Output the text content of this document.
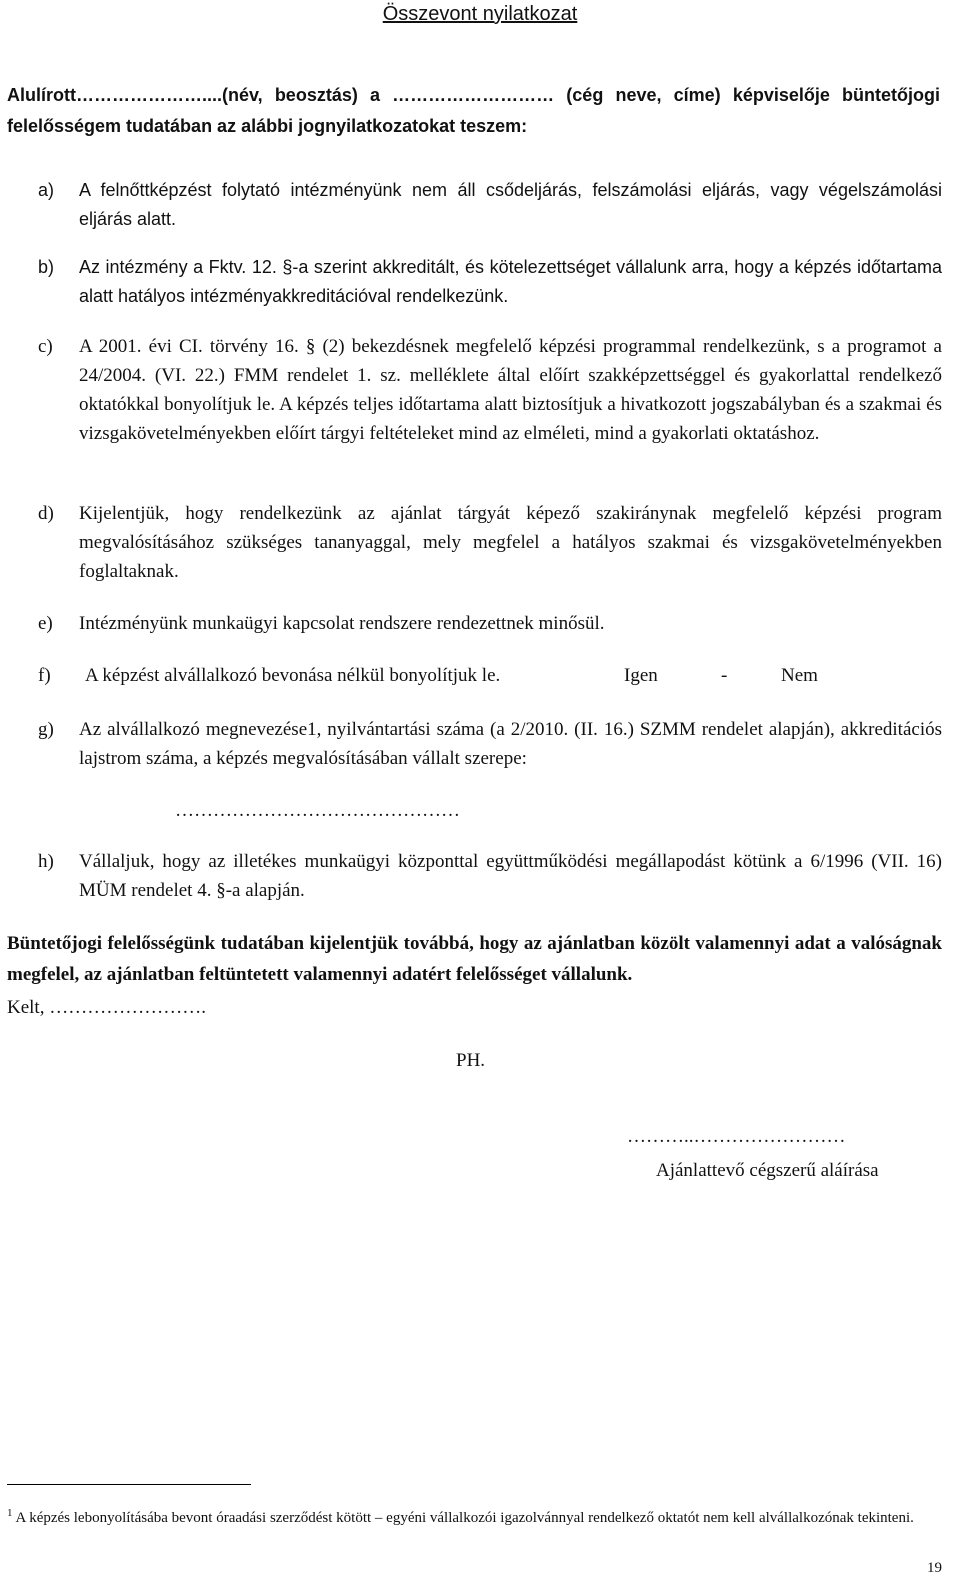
Összevont nyilatkozat

Alulírott…………………....(név, beosztás) a ……………………… (cég neve, címe) képviselője büntetőjogi felelősségem tudatában az alábbi jognyilatkozatokat teszem:

a)	A felnőttképzést folytató intézményünk nem áll csődeljárás, felszámolási eljárás, vagy végelszámolási eljárás alatt.
b)	Az intézmény a Fktv. 12. §-a szerint akkreditált, és kötelezettséget vállalunk arra, hogy a képzés időtartama alatt hatályos intézményakkreditációval rendelkezünk.
c)	A 2001. évi CI. törvény 16. § (2) bekezdésnek megfelelő képzési programmal rendelkezünk, s a programot a 24/2004. (VI. 22.) FMM rendelet 1. sz. melléklete által előírt szakképzettséggel és gyakorlattal rendelkező oktatókkal bonyolítjuk le. A képzés teljes időtartama alatt biztosítjuk a hivatkozott jogszabályban és a szakmai és vizsgakövetelményekben előírt tárgyi feltételeket mind az elméleti, mind a gyakorlati oktatáshoz.
d)	Kijelentjük, hogy rendelkezünk az ajánlat tárgyát képező szakiránynak megfelelő képzési program megvalósításához szükséges tananyaggal, mely megfelel a hatályos szakmai és vizsgakövetelményekben foglaltaknak.
e)	Intézményünk munkaügyi kapcsolat rendszere rendezettnek minősül.
f)	A képzést alvállalkozó bevonása nélkül bonyolítjuk le.	Igen	-	Nem
g)	Az alvállalkozó megnevezése1, nyilvántartási száma (a 2/2010. (II. 16.) SZMM rendelet alapján), akkreditációs lajstrom száma, a képzés megvalósításában vállalt szerepe:
………………………………………
h)	Vállaljuk, hogy az illetékes munkaügyi központtal együttműködési megállapodást kötünk a 6/1996 (VII. 16) MÜM rendelet 4. §-a alapján.

Büntetőjogi felelősségünk tudatában kijelentjük továbbá, hogy az ajánlatban közölt valamennyi adat a valóságnak megfelel, az ajánlatban feltüntetett valamennyi adatért felelősséget vállalunk.

Kelt, …………………….
PH.
………..……………………
Ajánlattevő cégszerű aláírása

$^1$ A képzés lebonyolításába bevont óraadási szerződést kötött – egyéni vállalkozói igazolvánnyal rendelkező oktatót nem kell alvállalkozónak tekinteni.

19
